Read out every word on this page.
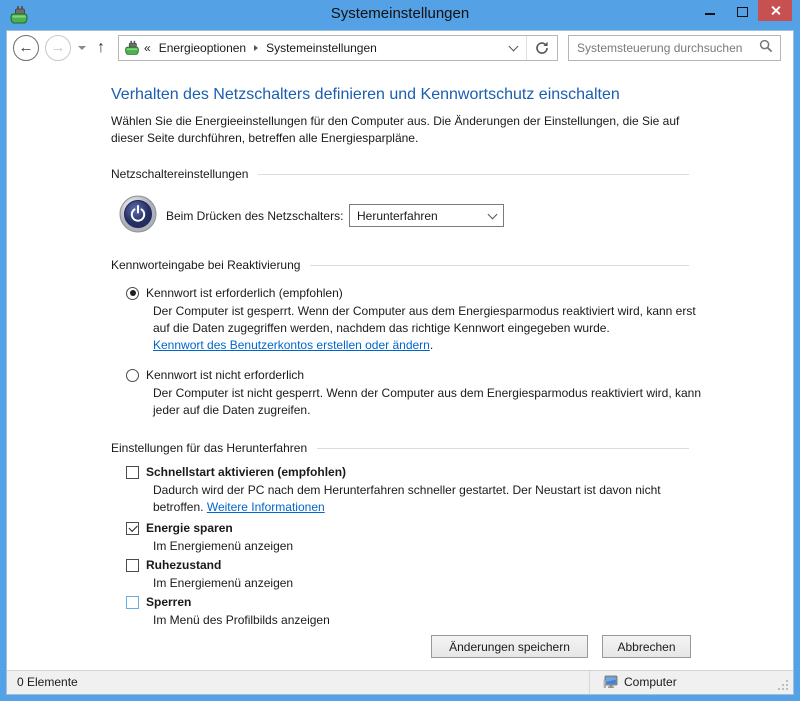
Systemeinstellungen
←	→	↑	« Energieoptionen Systemeinstellungen
Systemsteuerung durchsuchen
Verhalten des Netzschalters definieren und Kennwortschutz einschalten

Wählen Sie die Energieeinstellungen für den Computer aus. Die Änderungen der Einstellungen, die Sie auf dieser Seite durchführen, betreffen alle Energiesparpläne.

Netzschaltereinstellungen
Beim Drücken des Netzschalters:	Herunterfahren
Kennworteingabe bei Reaktivierung
Kennwort ist erforderlich (empfohlen)
Der Computer ist gesperrt. Wenn der Computer aus dem Energiesparmodus reaktiviert wird, kann erst auf die Daten zugegriffen werden, nachdem das richtige Kennwort eingegeben wurde.
Kennwort des Benutzerkontos erstellen oder ändern.
Kennwort ist nicht erforderlich
Der Computer ist nicht gesperrt. Wenn der Computer aus dem Energiesparmodus reaktiviert wird, kann jeder auf die Daten zugreifen.
Einstellungen für das Herunterfahren
Schnellstart aktivieren (empfohlen)
Dadurch wird der PC nach dem Herunterfahren schneller gestartet. Der Neustart ist davon nicht betroffen. Weitere Informationen
Energie sparen
Im Energiemenü anzeigen
Ruhezustand
Im Energiemenü anzeigen
Sperren
Im Menü des Profilbilds anzeigen
Änderungen speichern	Abbrechen
0 Elemente	Computer
